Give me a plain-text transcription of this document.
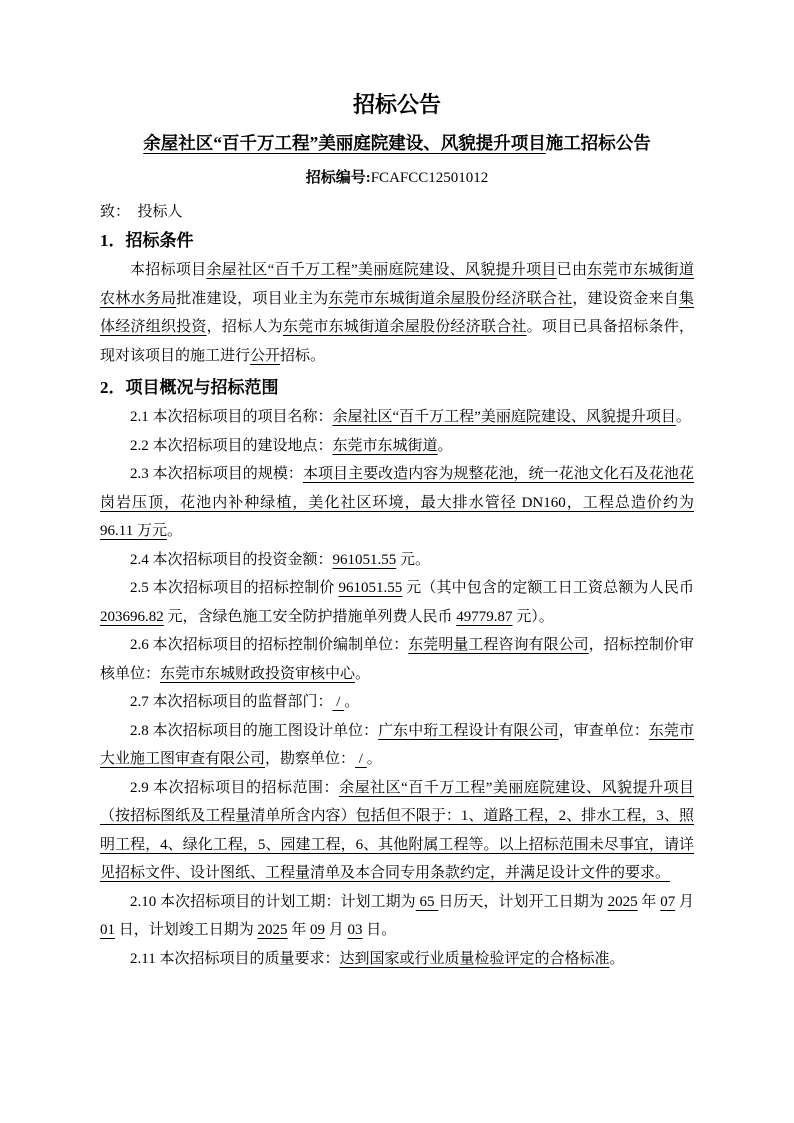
招标公告
余屋社区“百千万工程”美丽庭院建设、风貌提升项目施工招标公告

招标编号:FCAFCC12501012

致：　投标人

1．招标条件

本招标项目余屋社区“百千万工程”美丽庭院建设、风貌提升项目已由东莞市东城街道农林水务局批准建设，项目业主为东莞市东城街道余屋股份经济联合社，建设资金来自集体经济组织投资，招标人为东莞市东城街道余屋股份经济联合社。项目已具备招标条件，现对该项目的施工进行公开招标。

2．项目概况与招标范围

2.1 本次招标项目的项目名称：余屋社区“百千万工程”美丽庭院建设、风貌提升项目。

2.2 本次招标项目的建设地点：东莞市东城街道。

2.3 本次招标项目的规模：本项目主要改造内容为规整花池，统一花池文化石及花池花岗岩压顶，花池内补种绿植，美化社区环境，最大排水管径 DN160，工程总造价约为 96.11 万元。

2.4 本次招标项目的投资金额：961051.55 元。

2.5 本次招标项目的招标控制价 961051.55 元（其中包含的定额工日工资总额为人民币 203696.82 元，含绿色施工安全防护措施单列费人民币 49779.87 元）。

2.6 本次招标项目的招标控制价编制单位：东莞明量工程咨询有限公司，招标控制价审核单位：东莞市东城财政投资审核中心。

2.7 本次招标项目的监督部门： / 。

2.8 本次招标项目的施工图设计单位：广东中珩工程设计有限公司，审查单位：东莞市大业施工图审查有限公司，勘察单位： / 。

2.9 本次招标项目的招标范围：余屋社区“百千万工程”美丽庭院建设、风貌提升项目（按招标图纸及工程量清单所含内容）包括但不限于：1、道路工程，2、排水工程，3、照明工程，4、绿化工程，5、园建工程，6、其他附属工程等。以上招标范围未尽事宜，请详见招标文件、设计图纸、工程量清单及本合同专用条款约定，并满足设计文件的要求。

2.10 本次招标项目的计划工期：计划工期为 65 日历天，计划开工日期为 2025 年 07 月 01 日，计划竣工日期为 2025 年 09 月 03 日。

2.11 本次招标项目的质量要求：达到国家或行业质量检验评定的合格标准。
